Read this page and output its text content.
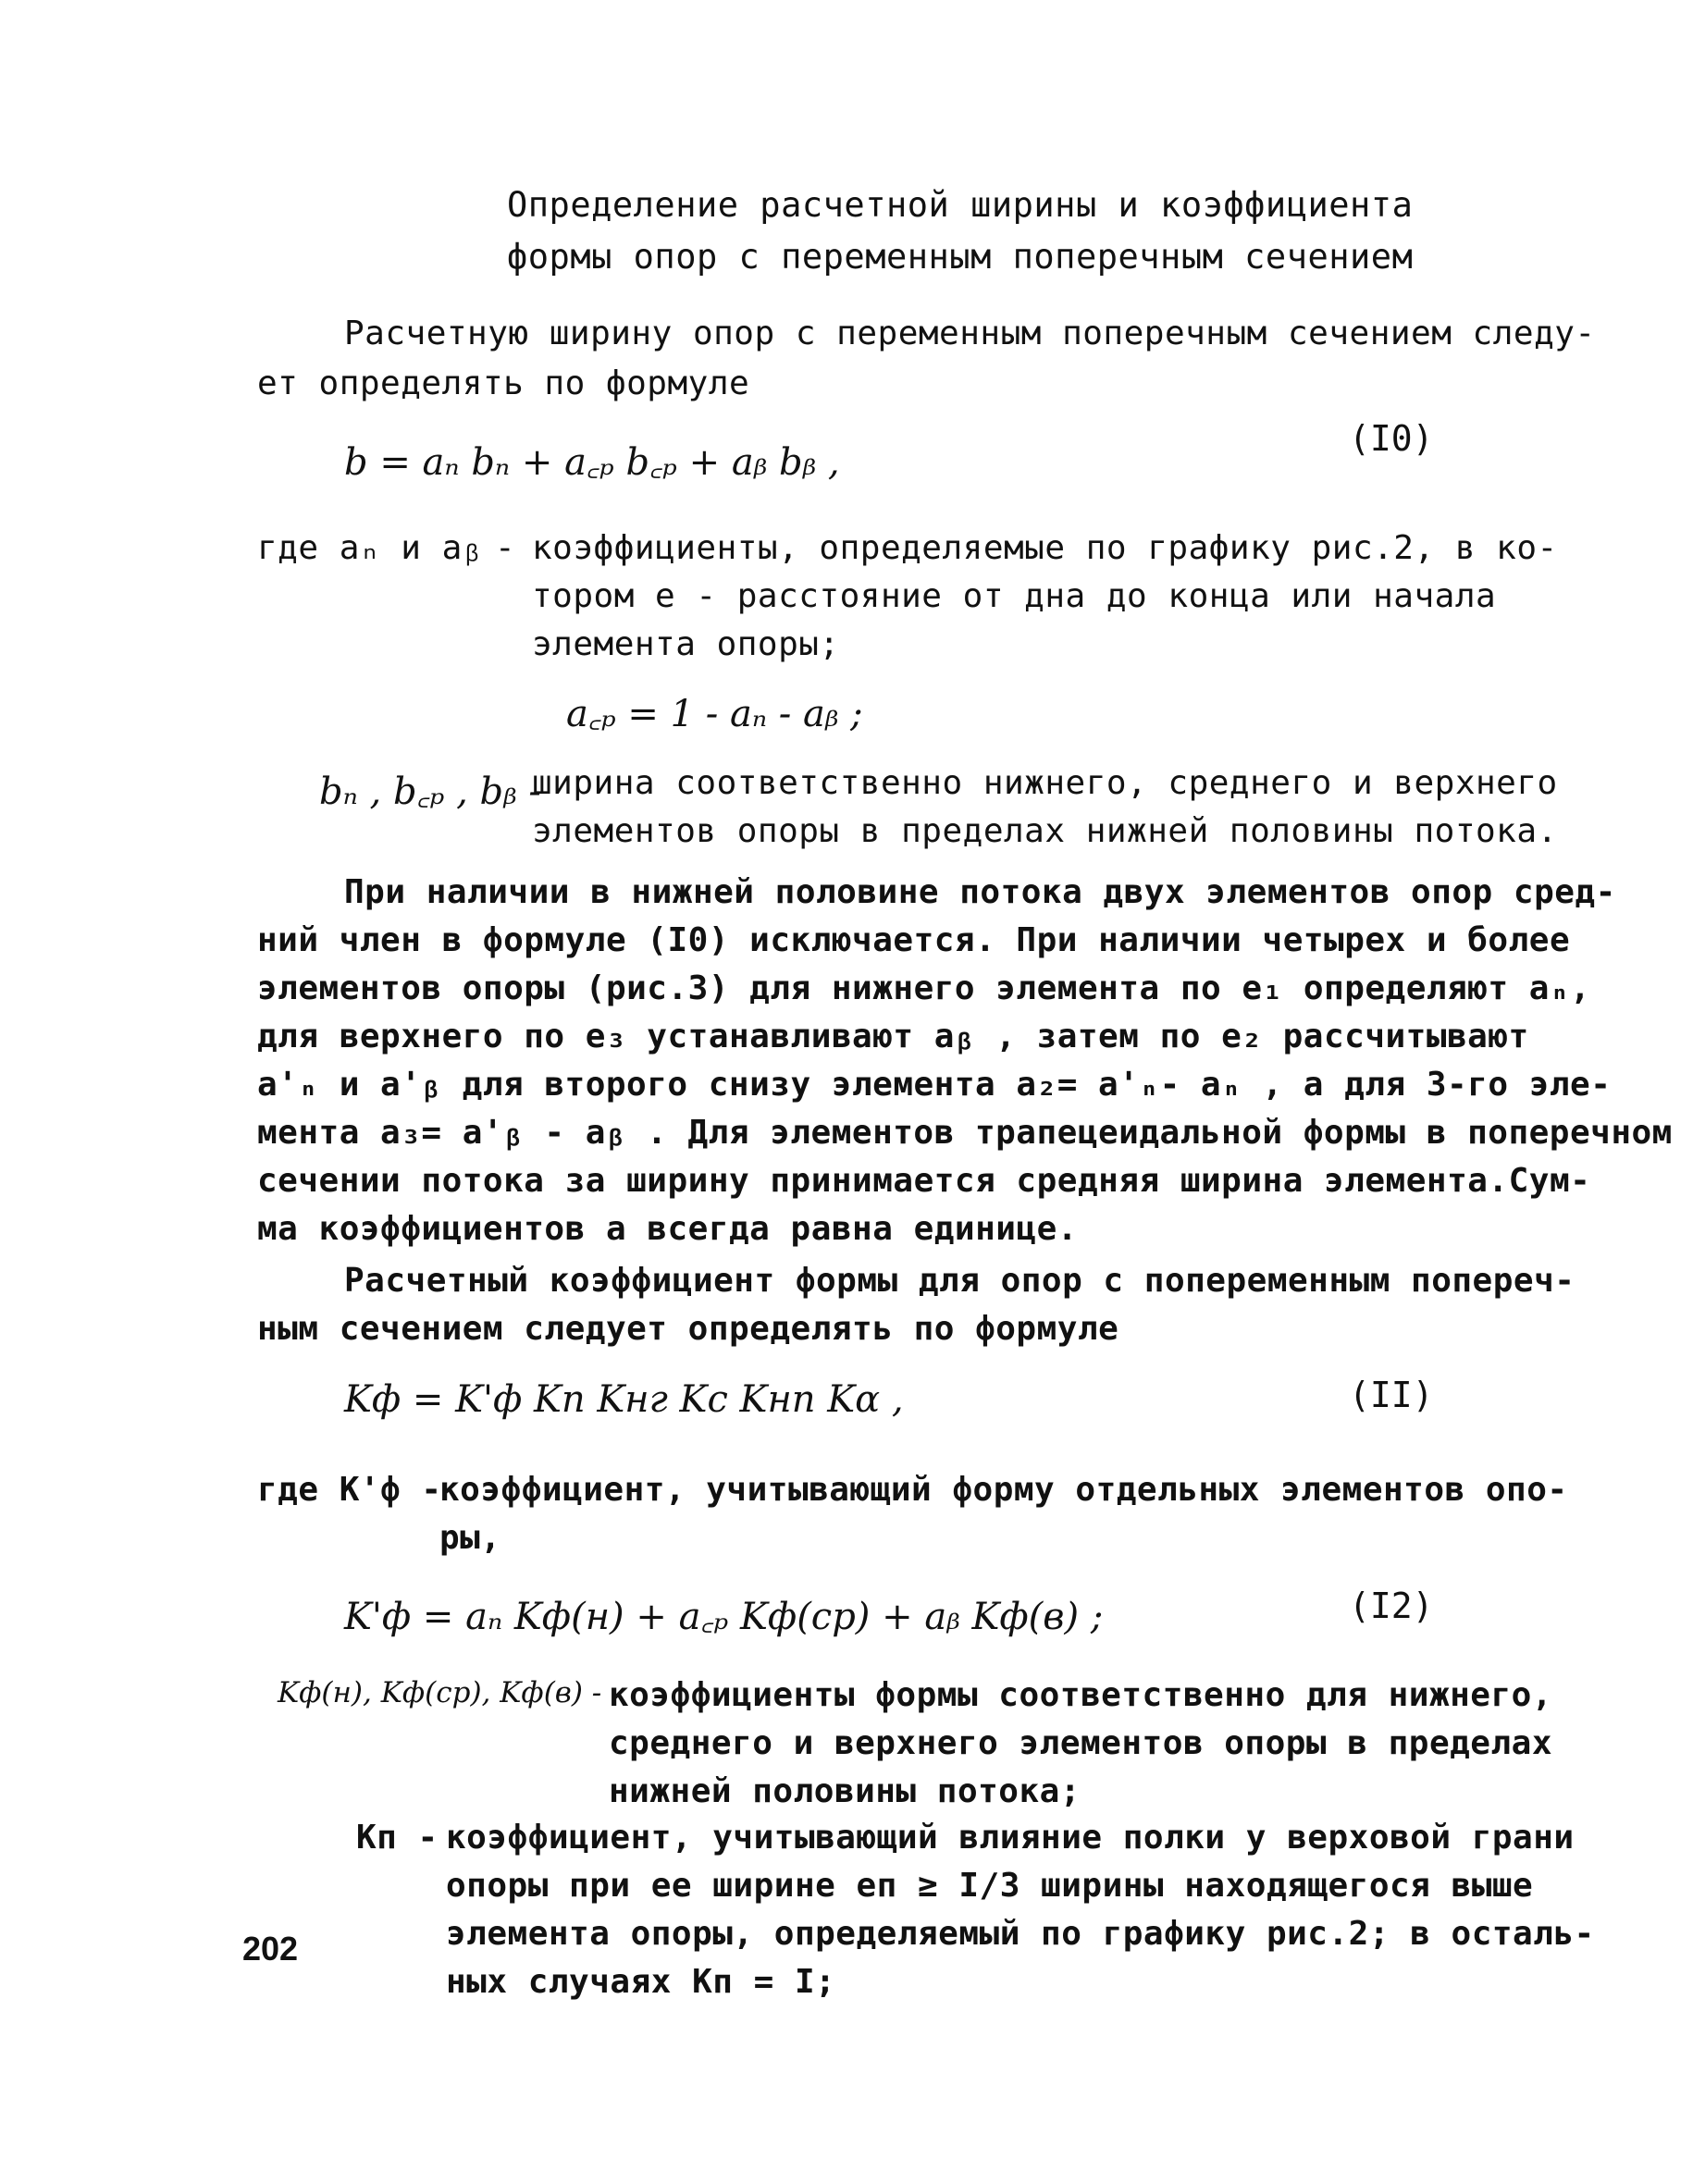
Определение расчетной ширины и коэффициента
формы опор с переменным поперечным сечением
Расчетную ширину опор с переменным поперечным сечением следу-
ет определять по формуле
b = aₙ bₙ + a꜀ₚ b꜀ₚ + aᵦ bᵦ ,
(I0)
где aₙ и aᵦ - коэффициенты, определяемые по графику рис.2, в ко-
тором e - расстояние от дна до конца или начала
элемента опоры;
a꜀ₚ = 1 - aₙ - aᵦ ;
bₙ , b꜀ₚ , bᵦ -
ширина соответственно нижнего, среднего и верхнего
элементов опоры в пределах нижней половины потока.
При наличии в нижней половине потока двух элементов опор сред-
ний член в формуле (I0) исключается. При наличии четырех и более
элементов опоры (рис.3) для нижнего элемента по e₁ определяют aₙ,
для верхнего по e₃ устанавливают aᵦ , затем по e₂ рассчитывают
a'ₙ и a'ᵦ для второго снизу элемента a₂= a'ₙ- aₙ , а для 3-го эле-
мента a₃= a'ᵦ - aᵦ . Для элементов трапецеидальной формы в поперечном
сечении потока за ширину принимается средняя ширина элемента.Сум-
ма коэффициентов a всегда равна единице.
Расчетный коэффициент формы для опор с попеременным попереч-
ным сечением следует определять по формуле
Kф = K'ф Kп Kнг Kс Kнп Kα ,	(II)
где K'ф -
коэффициент, учитывающий форму отдельных элементов опо-
ры,
K'ф = aₙ Kф(н) + a꜀ₚ Kф(ср) + aᵦ Kф(в) ;	(I2)
Kф(н), Kф(ср), Kф(в) - коэффициенты формы соответственно для нижнего,
среднего и верхнего элементов опоры в пределах
нижней половины потока;
Kп - коэффициент, учитывающий влияние полки у верховой грани
опоры при ее ширине eп ≥ I/3 ширины находящегося выше
элемента опоры, определяемый по графику рис.2; в осталь-
ных случаях Kп = I;
202
